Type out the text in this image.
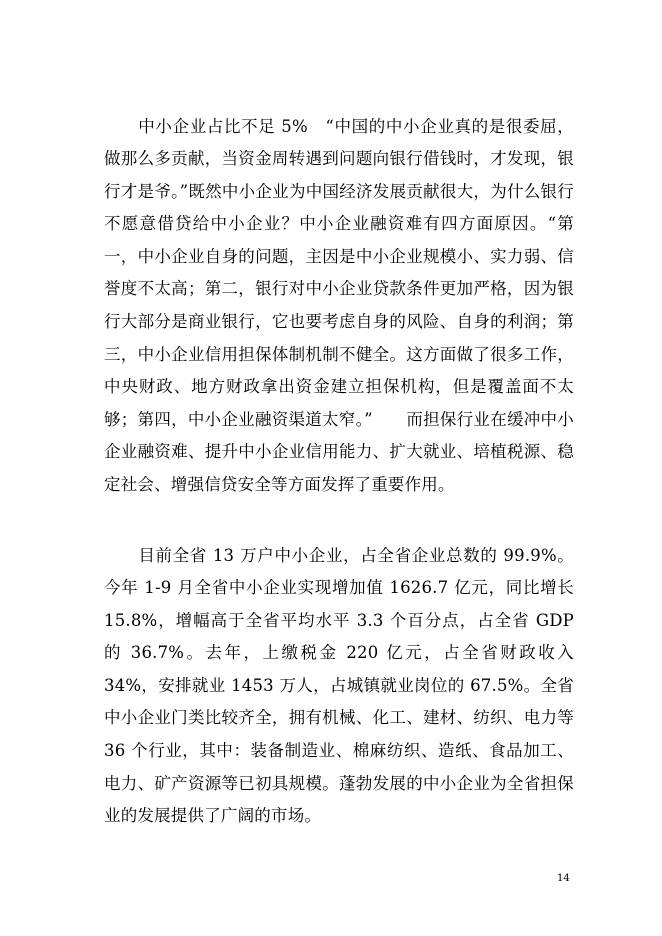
　　中小企业占比不足 5%　“中国的中小企业真的是很委屈，做那么多贡献，当资金周转遇到问题向银行借钱时，才发现，银行才是爷。”既然中小企业为中国经济发展贡献很大，为什么银行不愿意借贷给中小企业？中小企业融资难有四方面原因。“第一，中小企业自身的问题，主因是中小企业规模小、实力弱、信誉度不太高；第二，银行对中小企业贷款条件更加严格，因为银行大部分是商业银行，它也要考虑自身的风险、自身的利润；第三，中小企业信用担保体制机制不健全。这方面做了很多工作，中央财政、地方财政拿出资金建立担保机构，但是覆盖面不太够；第四，中小企业融资渠道太窄。”　　而担保行业在缓冲中小企业融资难、提升中小企业信用能力、扩大就业、培植税源、稳定社会、增强信贷安全等方面发挥了重要作用。

　　目前全省 13 万户中小企业，占全省企业总数的 99.9%。今年 1-9 月全省中小企业实现增加值 1626.7 亿元，同比增长 15.8%，增幅高于全省平均水平 3.3 个百分点，占全省 GDP 的 36.7%。去年，上缴税金 220 亿元，占全省财政收入 34%，安排就业 1453 万人，占城镇就业岗位的 67.5%。全省中小企业门类比较齐全，拥有机械、化工、建材、纺织、电力等 36 个行业，其中：装备制造业、棉麻纺织、造纸、食品加工、电力、矿产资源等已初具规模。蓬勃发展的中小企业为全省担保业的发展提供了广阔的市场。

14
